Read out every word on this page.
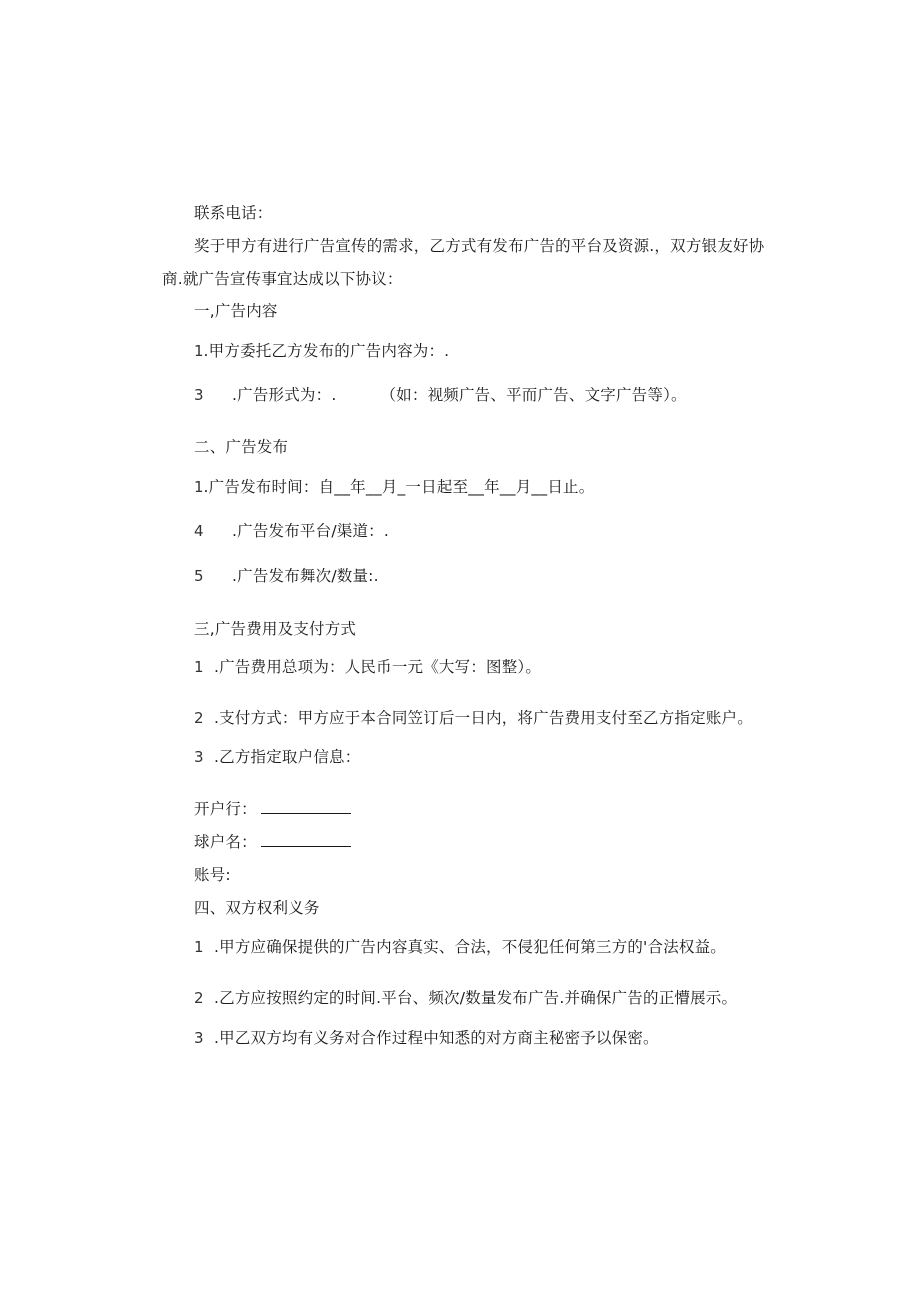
联系电话：
奖于甲方有进行广告宣传的需求，乙方式有发布广告的平台及资源.，双方银友好协
商.就广告宣传事宜达成以下协议：
一,广告内容
1.甲方委托乙方发布的广告内容为：.
3 .广告形式为：.	（如：视频广告、平而广告、文字广告等）。
二、广告发布
1.广告发布时间：自__年__月_一日起至__年__月__日止。
4 .广告发布平台/渠道：.
5 .广告发布舞次/数量:.
三,广告费用及支付方式
1 .广告费用总项为：人民币一元《大写：图整）。
2 .支付方式：甲方应于本合同笠订后一日内，将广告费用支付至乙方指定账户。
3 .乙方指定取户信息：
开户行：
球户名：
账号:
四、双方权利义务
1 .甲方应确保提供的广告内容真实、合法，不侵犯任何第三方的'合法权益。
2 .乙方应按照约定的时间.平台、频次/数量发布广告.并确保广告的正懵展示。
3 .甲乙双方均有义务对合作过程中知悉的对方商主秘密予以保密。
